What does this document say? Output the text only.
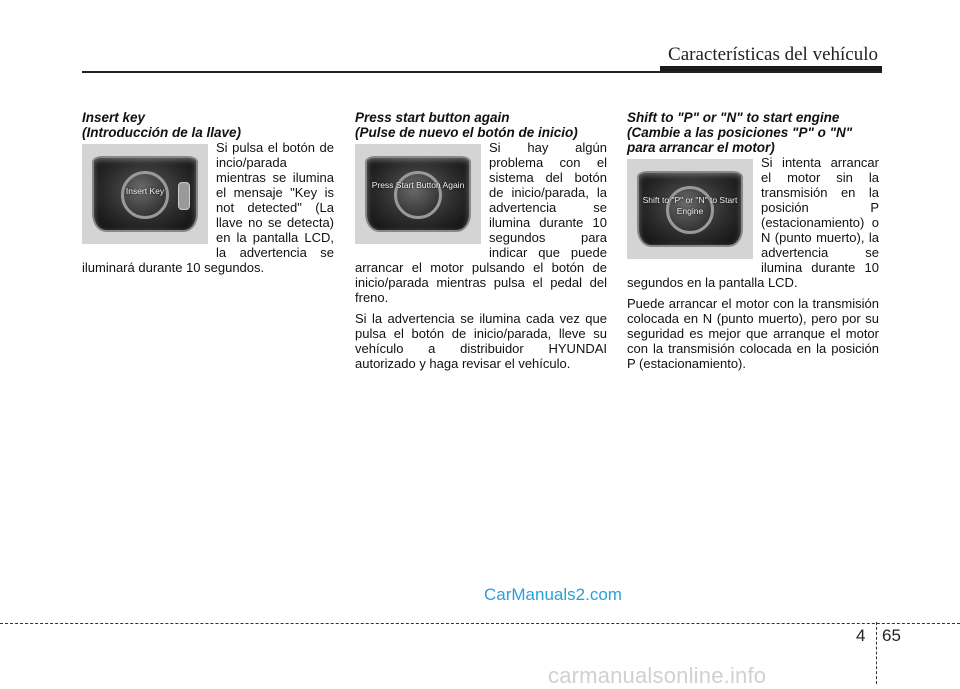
Características del vehículo
Insert key
(Introducción de la llave)
Insert Key

Si pulsa el botón de incio/parada mientras se ilumina el mensaje "Key is not detected" (La llave no se detecta) en la pantalla LCD, la advertencia se iluminará durante 10 segundos.

Press start button again
(Pulse de nuevo el botón de inicio)
Press Start Button Again

Si hay algún problema con el sistema del botón de inicio/parada, la advertencia se ilumina durante 10 segundos para indicar que puede arrancar el motor pulsando el botón de inicio/parada mientras pulsa el pedal del freno.

Si la advertencia se ilumina cada vez que pulsa el botón de inicio/parada, lleve su vehículo a distribuidor HYUNDAI autorizado y haga revisar el vehículo.

Shift to "P" or "N" to start engine
(Cambie a las posiciones "P" o "N" para arrancar el motor)
Shift to "P" or "N" to Start Engine

Si intenta arrancar el motor sin la transmisión en la posición P (estacionamiento) o N (punto muerto), la advertencia se ilumina durante 10 segundos en la pantalla LCD.

Puede arrancar el motor con la transmisión colocada en N (punto muerto), pero por su seguridad es mejor que arranque el motor con la transmisión colocada en la posición P (estacionamiento).

CarManuals2.com
4 65
carmanualsonline.info
